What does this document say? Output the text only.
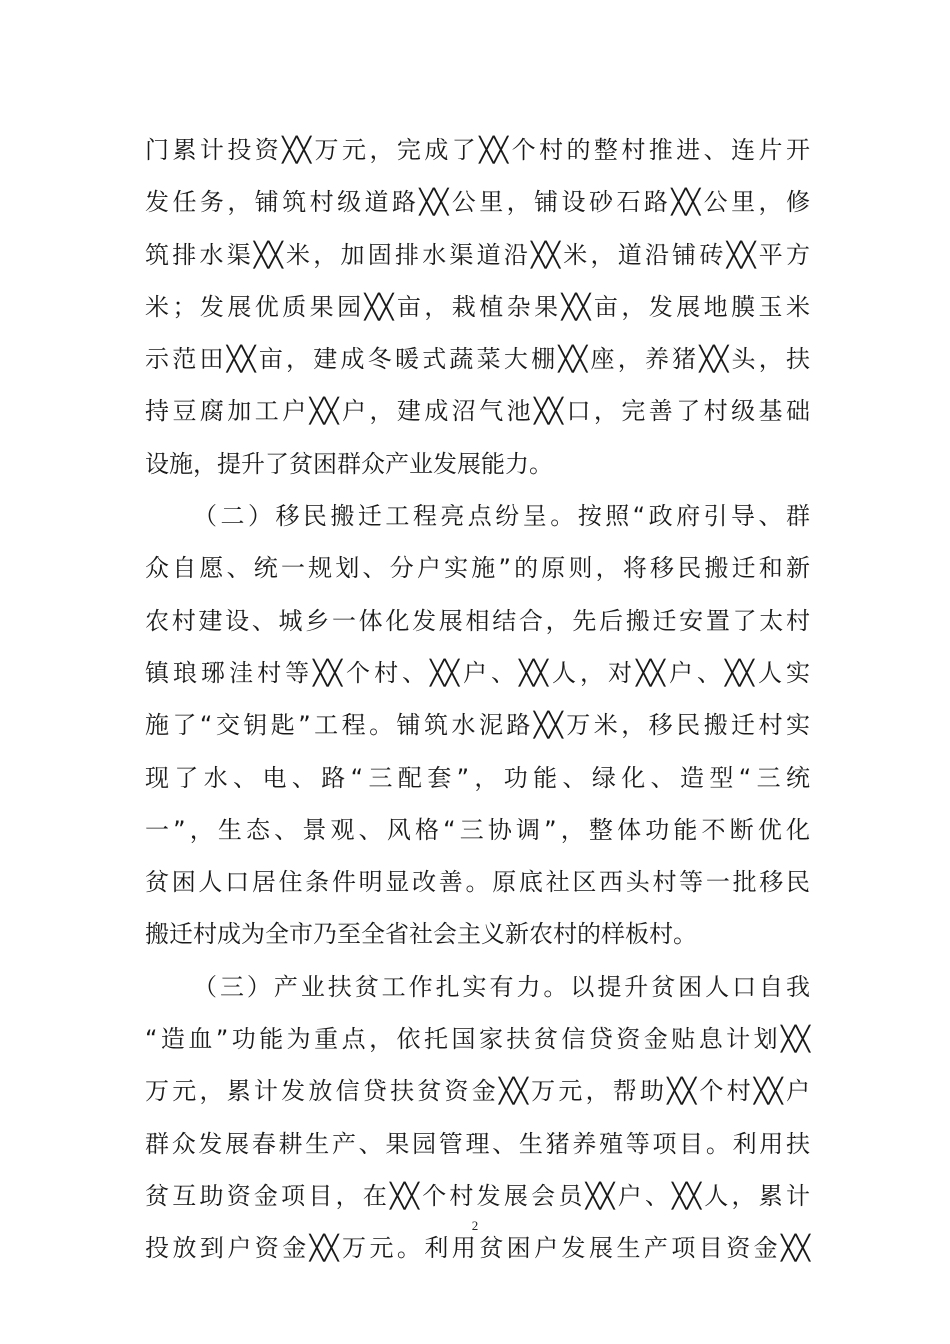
门累计投资╳╳万元，完成了╳╳个村的整村推进、连片开
发任务，铺筑村级道路╳╳公里，铺设砂石路╳╳公里，修
筑排水渠╳╳米，加固排水渠道沿╳╳米，道沿铺砖╳╳平方
米；发展优质果园╳╳亩，栽植杂果╳╳亩，发展地膜玉米
示范田╳╳亩，建成冬暖式蔬菜大棚╳╳座，养猪╳╳头，扶
持豆腐加工户╳╳户，建成沼气池╳╳口，完善了村级基础
设施，提升了贫困群众产业发展能力。
（二）移民搬迁工程亮点纷呈。按照“政府引导、群
众自愿、统一规划、分户实施”的原则，将移民搬迁和新
农村建设、城乡一体化发展相结合，先后搬迁安置了太村
镇琅琊洼村等╳╳个村、╳╳户、╳╳人，对╳╳户、╳╳人实
施了“交钥匙”工程。铺筑水泥路╳╳万米，移民搬迁村实
现了水、电、路“三配套”，功能、绿化、造型“三统
一”，生态、景观、风格“三协调”，整体功能不断优化
贫困人口居住条件明显改善。原底社区西头村等一批移民
搬迁村成为全市乃至全省社会主义新农村的样板村。
（三）产业扶贫工作扎实有力。以提升贫困人口自我
“造血”功能为重点，依托国家扶贫信贷资金贴息计划╳╳
万元，累计发放信贷扶贫资金╳╳万元，帮助╳╳个村╳╳户
群众发展春耕生产、果园管理、生猪养殖等项目。利用扶
贫互助资金项目，在╳╳个村发展会员╳╳户、╳╳人，累计
投放到户资金╳╳万元。利用贫困户发展生产项目资金╳╳
2
